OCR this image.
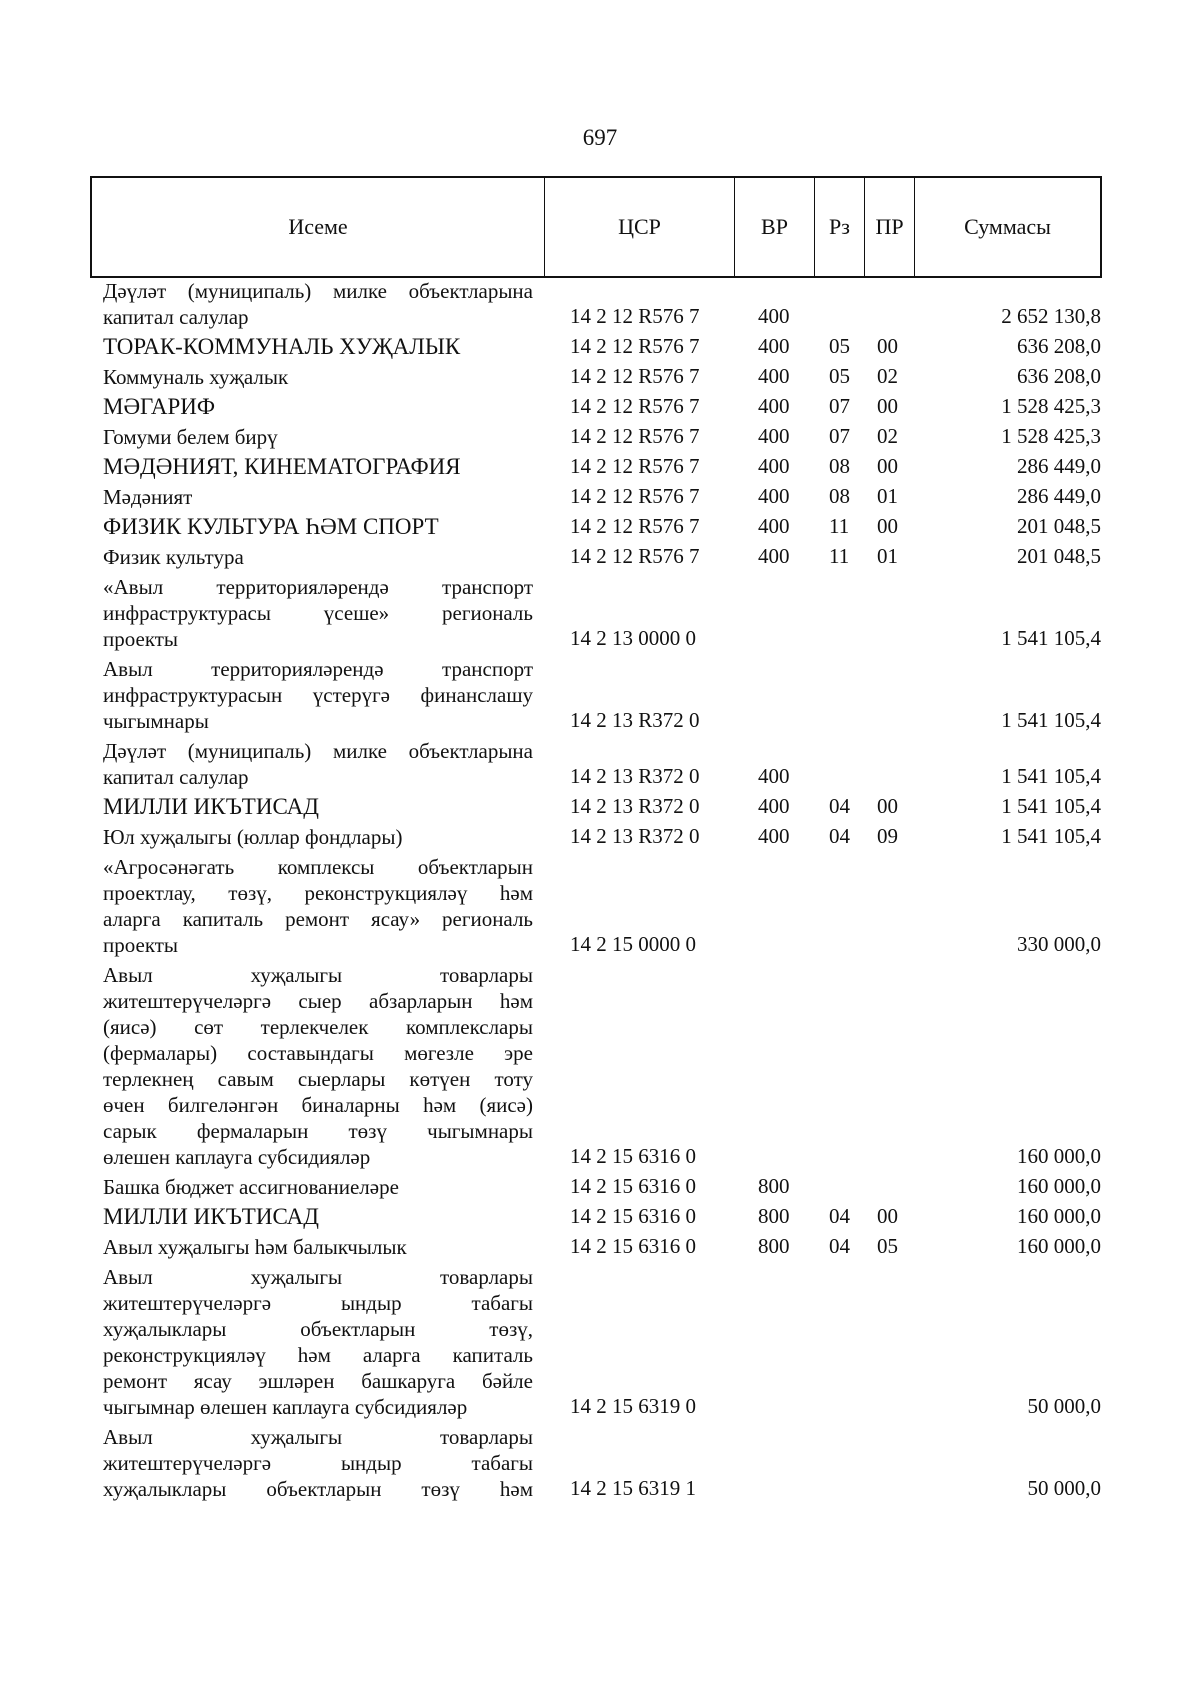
697
Исеме	ЦСР	ВР	Рз	ПР	Суммасы
Дәүләт (муниципаль) милке объектларына
капитал салулар	14 2 12 R576 7	400	2 652 130,8
ТОРАК-КОММУНАЛЬ ХУҖАЛЫК	14 2 12 R576 7	400 05 00	636 208,0
Коммуналь хуҗалык	14 2 12 R576 7	400 05 02	636 208,0
МӘГАРИФ	14 2 12 R576 7	400 07 00	1 528 425,3
Гомуми белем бирү	14 2 12 R576 7	400 07 02	1 528 425,3
МӘДӘНИЯТ, КИНЕМАТОГРАФИЯ	14 2 12 R576 7	400 08 00	286 449,0
Мәдәният	14 2 12 R576 7	400 08 01	286 449,0
ФИЗИК КУЛЬТУРА ҺӘМ СПОРТ	14 2 12 R576 7	400 11 00	201 048,5
Физик культура	14 2 12 R576 7	400 11 01	201 048,5
«Авыл территорияләрендә транспорт
инфраструктурасы үсеше» региональ
проекты	14 2 13 0000 0	1 541 105,4
Авыл территорияләрендә транспорт
инфраструктурасын үстерүгә финанслашу
чыгымнары	14 2 13 R372 0	1 541 105,4
Дәүләт (муниципаль) милке объектларына
капитал салулар	14 2 13 R372 0	400	1 541 105,4
МИЛЛИ ИКЪТИСАД	14 2 13 R372 0	400 04 00	1 541 105,4
Юл хуҗалыгы (юллар фондлары)	14 2 13 R372 0	400 04 09	1 541 105,4
«Агросәнәгать комплексы объектларын
проектлау, төзү, реконструкцияләү һәм
аларга капиталь ремонт ясау» региональ
проекты	14 2 15 0000 0	330 000,0
Авыл хуҗалыгы товарлары
житештерүчеләргә сыер абзарларын һәм
(яисә) сөт терлекчелек комплекслары
(фермалары) составындагы мөгезле эре
терлекнең савым сыерлары көтүен тоту
өчен билгеләнгән биналарны һәм (яисә)
сарык фермаларын төзү чыгымнары
өлешен каплауга субсидияләр	14 2 15 6316 0	160 000,0
Башка бюджет ассигнованиеләре	14 2 15 6316 0	800	160 000,0
МИЛЛИ ИКЪТИСАД	14 2 15 6316 0	800 04 00	160 000,0
Авыл хуҗалыгы һәм балыкчылык	14 2 15 6316 0	800 04 05	160 000,0
Авыл хуҗалыгы товарлары
житештерүчеләргә ындыр табагы
хуҗалыклары объектларын төзү,
реконструкцияләү һәм аларга капиталь
ремонт ясау эшләрен башкаруга бәйле
чыгымнар өлешен каплауга субсидияләр	14 2 15 6319 0	50 000,0
Авыл хуҗалыгы товарлары
житештерүчеләргә ындыр табагы
хуҗалыклары объектларын төзү һәм 14 2 15 6319 1	50 000,0
